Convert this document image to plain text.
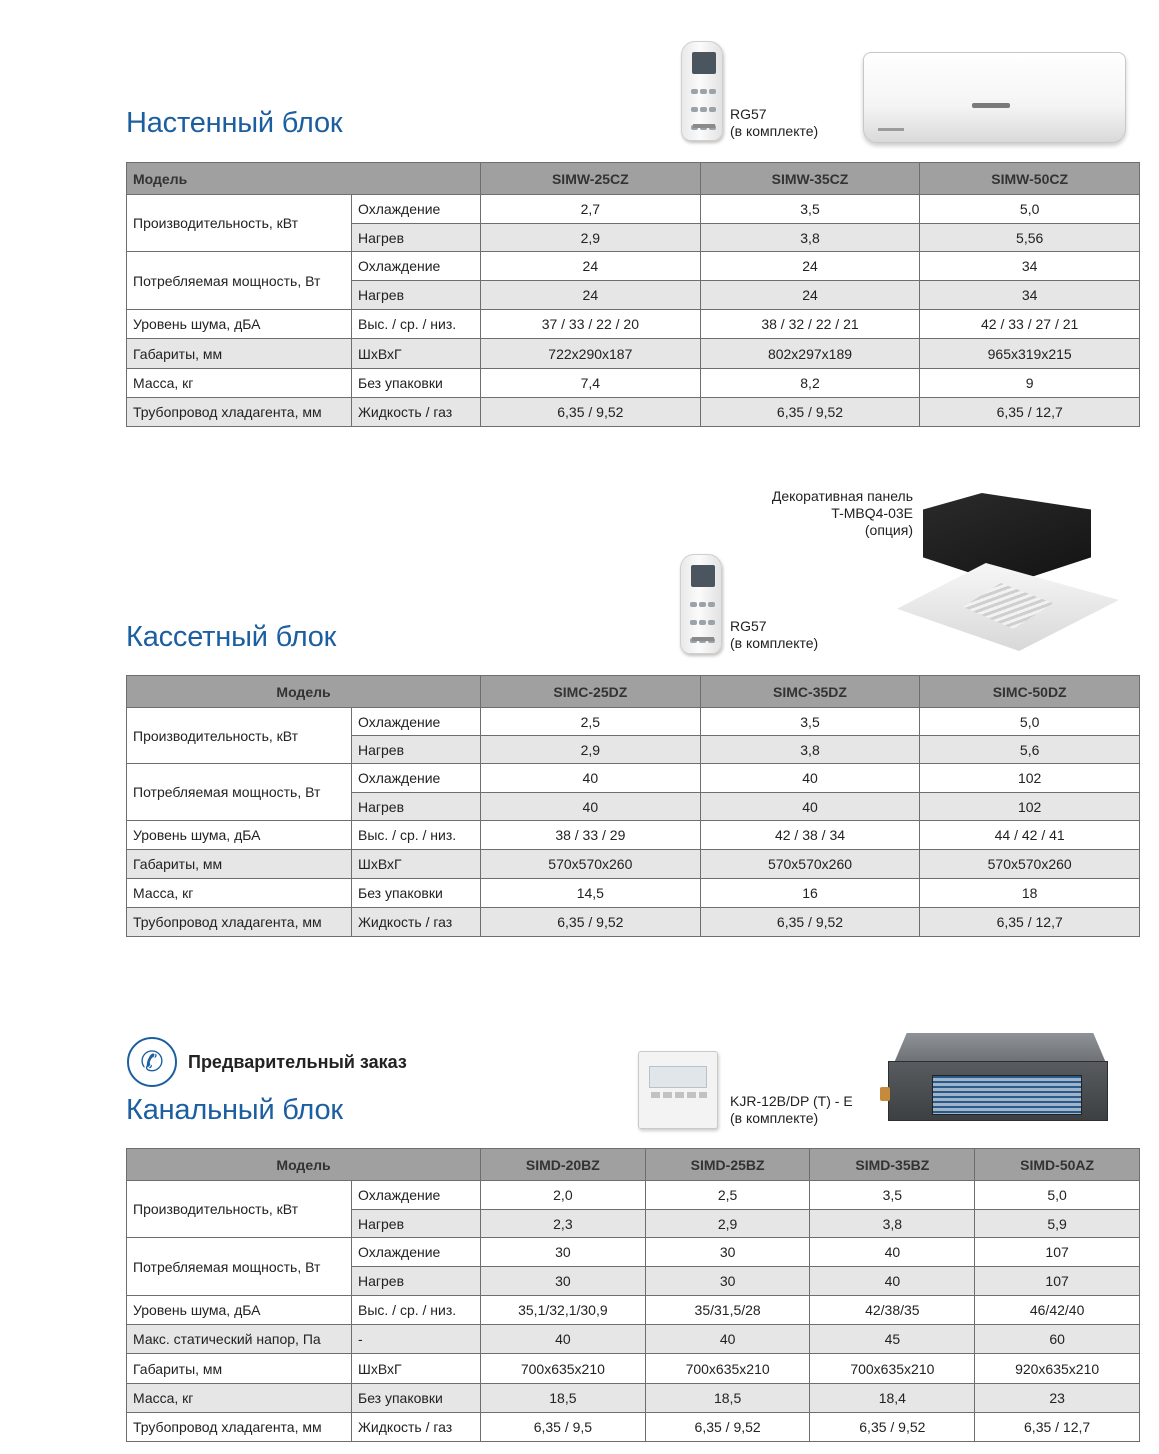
RG57
(в комплекте)
Настенный блок
Модель		SIMW-25CZ	SIMW-35CZ	SIMW-50CZ
Производительность, кВт	Охлаждение	2,7	3,5	5,0
	Нагрев	2,9	3,8	5,56
Потребляемая мощность, Вт	Охлаждение	24	24	34
	Нагрев	24	24	34
Уровень шума, дБА	Выс. / ср. / низ.	37 / 33 / 22 / 20	38 / 32 / 22 / 21	42 / 33 / 27 / 21
Габариты, мм	ШхВхГ	722x290x187	802x297x189	965x319x215
Масса, кг	Без упаковки	7,4	8,2	9
Трубопровод хладагента, мм	Жидкость / газ	6,35 / 9,52	6,35 / 9,52	6,35 / 12,7
Декоративная панель
T-MBQ4-03E
(опция)
RG57
(в комплекте)
Кассетный блок
Модель		SIMC-25DZ	SIMC-35DZ	SIMC-50DZ
Производительность, кВт	Охлаждение	2,5	3,5	5,0
	Нагрев	2,9	3,8	5,6
Потребляемая мощность, Вт	Охлаждение	40	40	102
	Нагрев	40	40	102
Уровень шума, дБА	Выс. / ср. / низ.	38 / 33 / 29	42 / 38 / 34	44 / 42 / 41
Габариты, мм	ШхВхГ	570x570x260	570x570x260	570x570x260
Масса, кг	Без упаковки	14,5	16	18
Трубопровод хладагента, мм	Жидкость / газ	6,35 / 9,52	6,35 / 9,52	6,35 / 12,7
✆ Предварительный заказ
KJR-12B/DP (T) - E
(в комплекте)
Канальный блок
Модель		SIMD-20BZ	SIMD-25BZ	SIMD-35BZ	SIMD-50AZ
Производительность, кВт	Охлаждение	2,0	2,5	3,5	5,0
	Нагрев	2,3	2,9	3,8	5,9
Потребляемая мощность, Вт	Охлаждение	30	30	40	107
	Нагрев	30	30	40	107
Уровень шума, дБА	Выс. / ср. / низ.	35,1/32,1/30,9	35/31,5/28	42/38/35	46/42/40
Макс. статический напор, Па	-	40	40	45	60
Габариты, мм	ШхВхГ	700x635x210	700x635x210	700x635x210	920x635x210
Масса, кг	Без упаковки	18,5	18,5	18,4	23
Трубопровод хладагента, мм	Жидкость / газ	6,35 / 9,5	6,35 / 9,52	6,35 / 9,52	6,35 / 12,7
